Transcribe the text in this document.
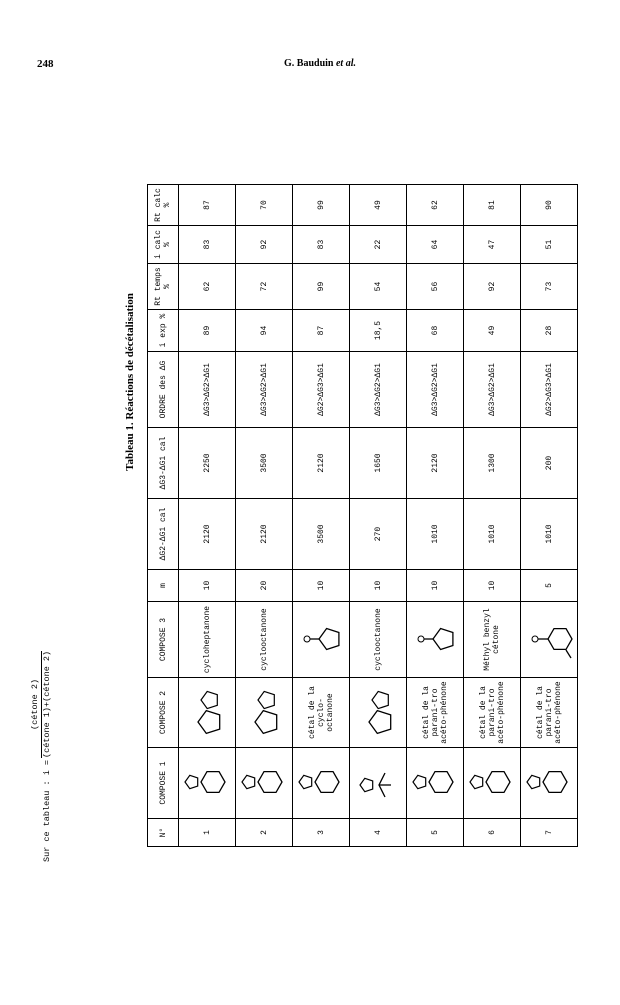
248	G. Bauduin et al.
Tableau 1. Réactions de décétalisation
N°	COMPOSE 1	COMPOSE 2	COMPOSE 3	m	ΔG2-ΔG1 cal	ΔG3-ΔG1 cal	ORDRE des ΔG	i exp %	Rt temps %	i calc %	Rt calc %
1			cycloheptanone	10	2120	2250	ΔG3>ΔG2>ΔG1	89	62	83	87
2			cyclooctanone	20	2120	3500	ΔG3>ΔG2>ΔG1	94	72	92	70
3		cétal de la cyclo-octanone		10	3500	2120	ΔG2>ΔG3>ΔG1	87	99	83	99
4			cyclooctanone	10	270	1650	ΔG3>ΔG2>ΔG1	18,5	54	22	49
5		cétal de la parani-tro acéto-phénone		10	1010	2120	ΔG3>ΔG2>ΔG1	68	56	64	62
6		cétal de la parani-tro acéto-phénone	Méthyl benzyl cétone	10	1010	1300	ΔG3>ΔG2>ΔG1	49	92	47	81
7		cétal de la parani-tro acéto-phénone		5	1010	200	ΔG2>ΔG3>ΔG1	28	73	51	90
Sur ce tableau : i =
(cétone 2) (cétone 1)+(cétone 2)
